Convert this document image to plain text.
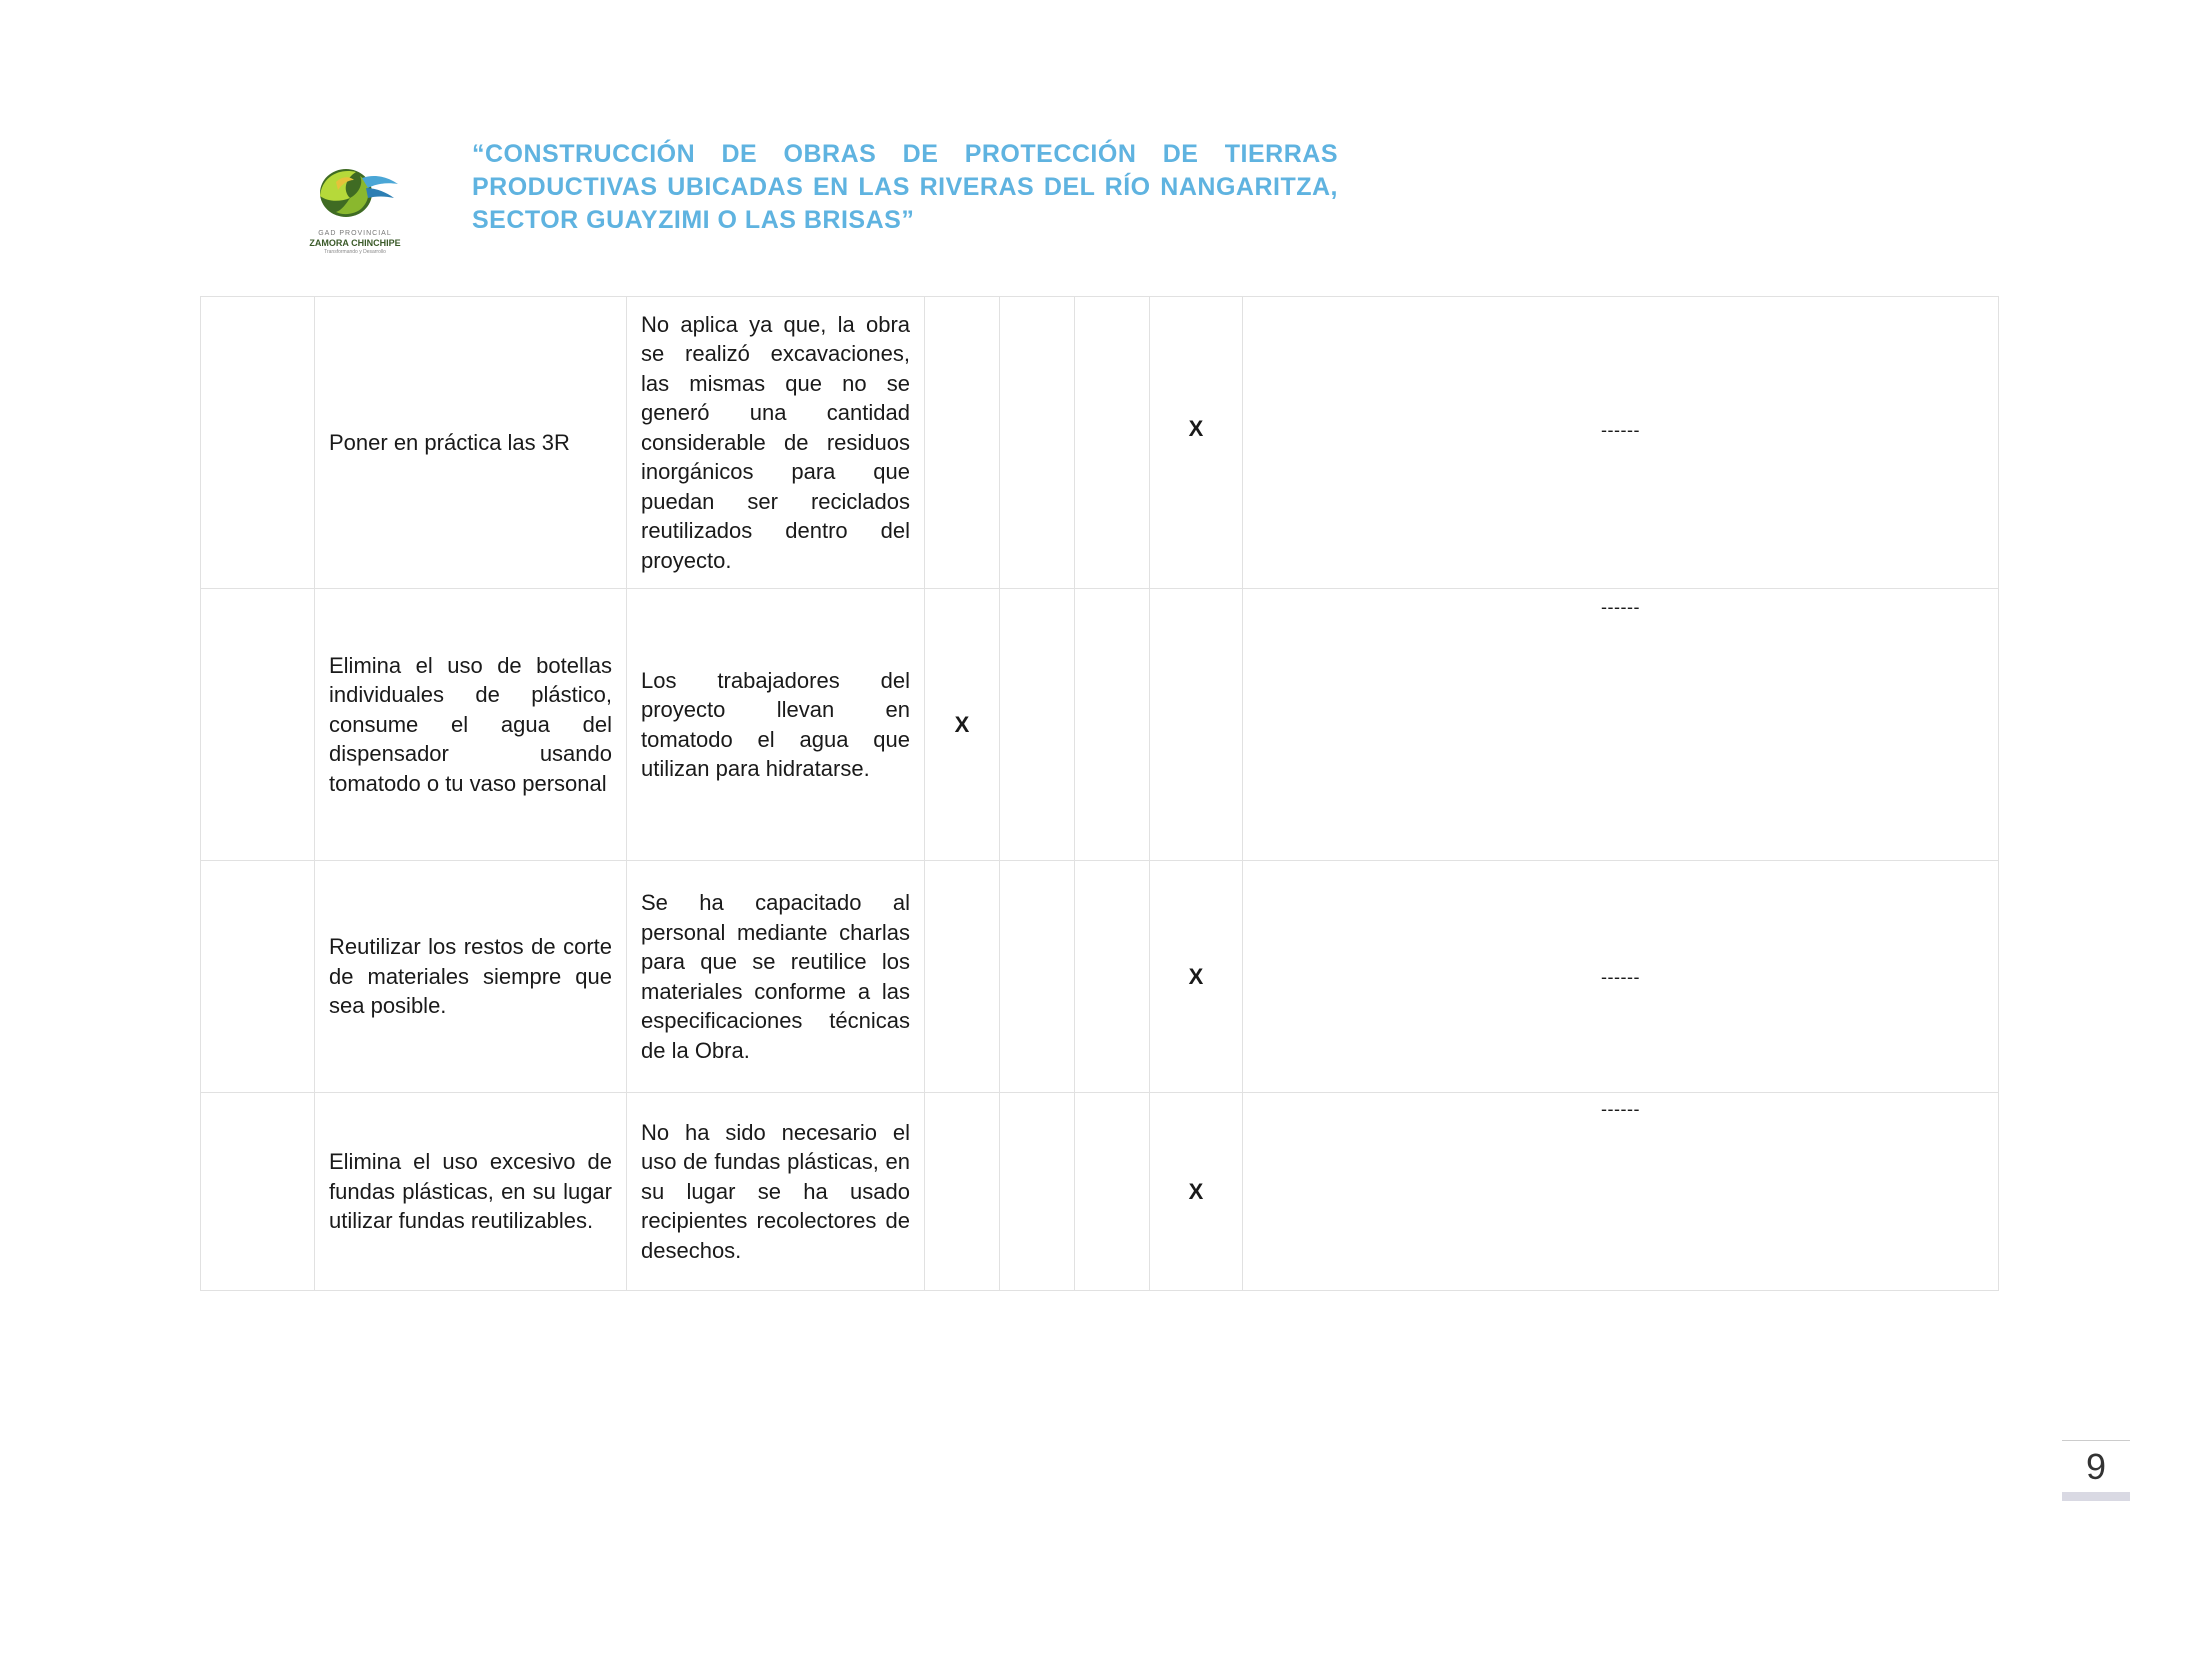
GAD PROVINCIAL
ZAMORA CHINCHIPE
Transformando y Desarrollo
“CONSTRUCCIÓN DE OBRAS DE PROTECCIÓN DE TIERRAS
PRODUCTIVAS UBICADAS EN LAS RIVERAS DEL RÍO NANGARITZA,
SECTOR GUAYZIMI O LAS BRISAS”
	Poner en práctica las 3R	No aplica ya que, la obra se realizó excavaciones, las mismas que no se generó una cantidad considerable de residuos inorgánicos para que puedan ser reciclados reutilizados dentro del proyecto.				X	------
	Elimina el uso de botellas individuales de plástico, consume el agua del dispensador usando tomatodo o tu vaso personal	Los trabajadores del proyecto llevan en tomatodo el agua que utilizan para hidratarse.	X				------
	Reutilizar los restos de corte de materiales siempre que sea posible.	Se ha capacitado al personal mediante charlas para que se reutilice los materiales conforme a las especificaciones técnicas de la Obra.				X	------
	Elimina el uso excesivo de fundas plásticas, en su lugar utilizar fundas reutilizables.	No ha sido necesario el uso de fundas plásticas, en su lugar se ha usado recipientes recolectores de desechos.				X	------
9
